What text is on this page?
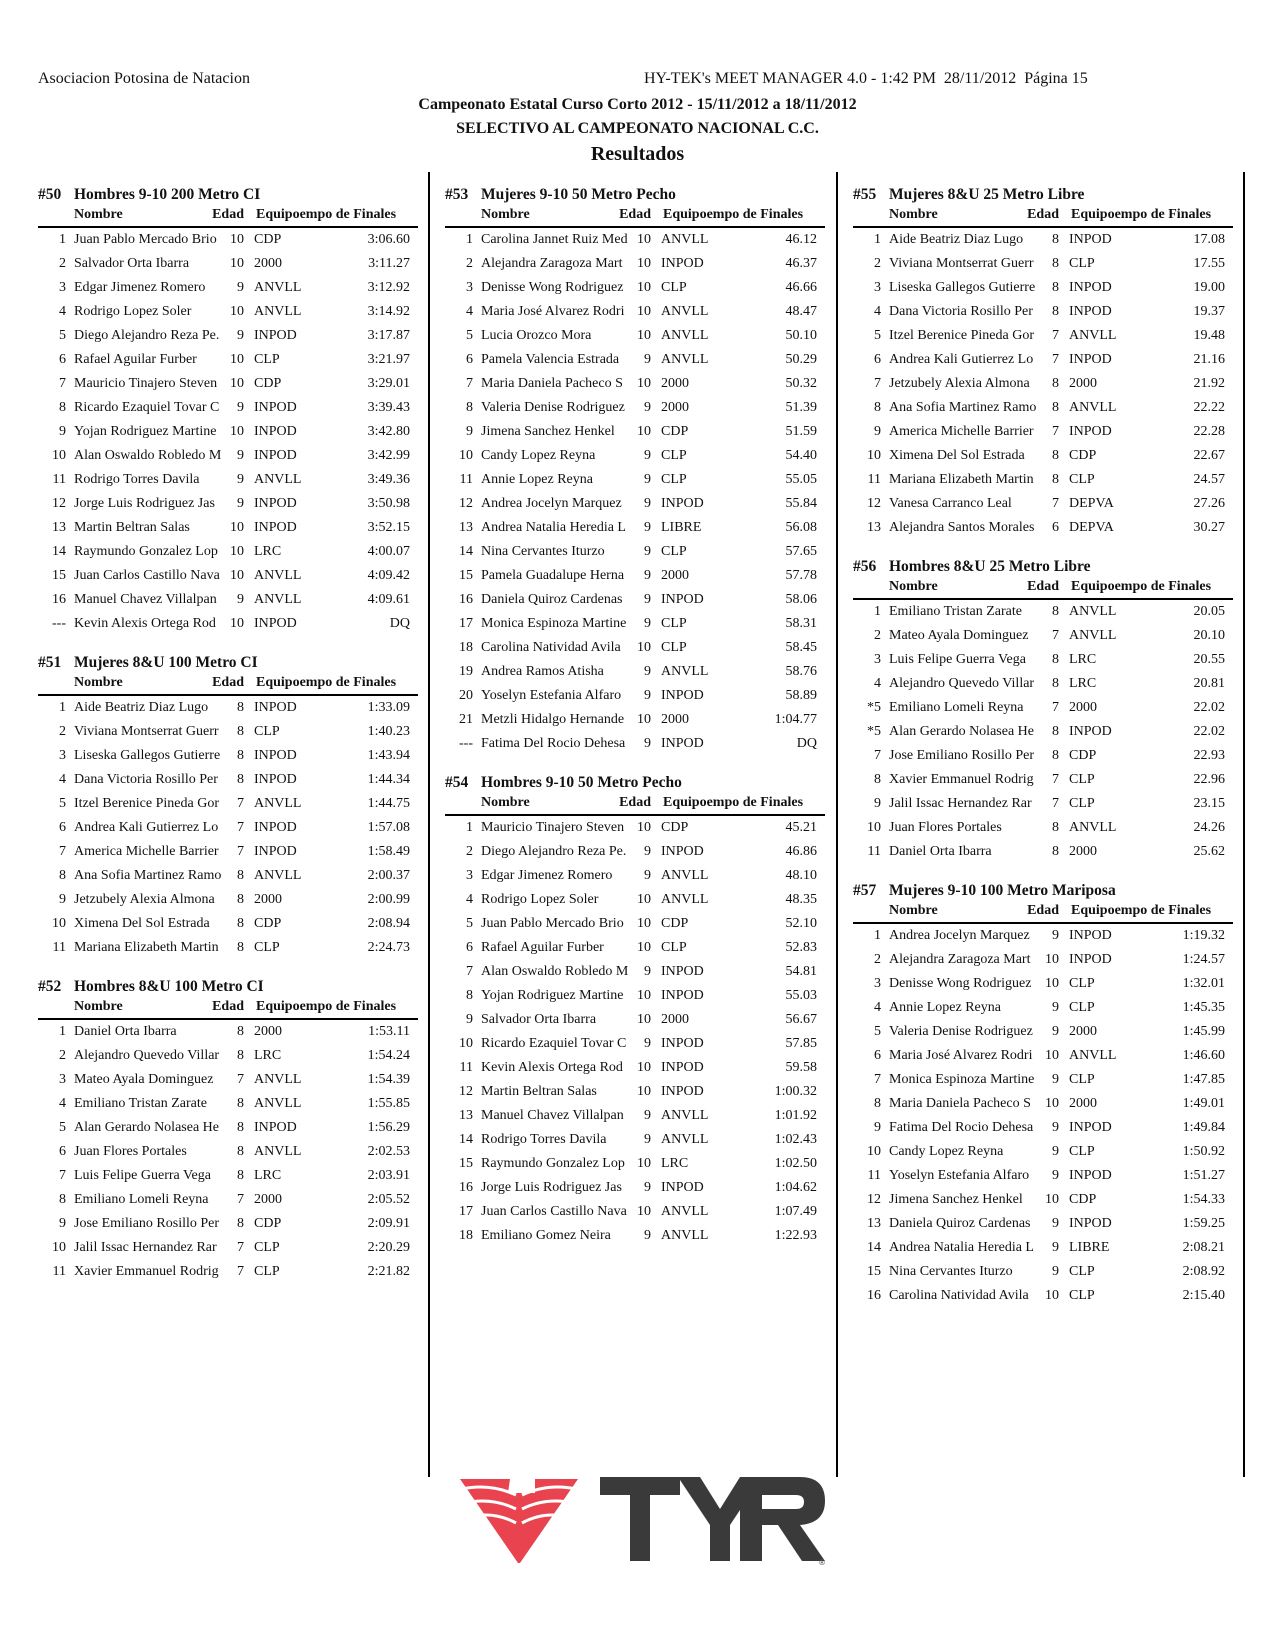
Asociacion Potosina de Natacion	HY-TEK's MEET MANAGER 4.0 - 1:42 PM  28/11/2012  Página 15
Campeonato Estatal Curso Corto 2012 - 15/11/2012 a 18/11/2012
SELECTIVO AL CAMPEONATO NACIONAL C.C.
Resultados
#50 Hombres 9-10 200 Metro CI
Nombre	Edad Equipoempo de Finales
1 Juan Pablo Mercado Brio 10 CDP	3:06.60
2 Salvador Orta Ibarra	10 2000	3:11.27
3 Edgar Jimenez Romero	9 ANVLL	3:12.92
4 Rodrigo Lopez Soler	10 ANVLL	3:14.92
5 Diego Alejandro Reza Pe.	9 INPOD	3:17.87
6 Rafael Aguilar Furber	10 CLP	3:21.97
7 Mauricio Tinajero Steven 10 CDP	3:29.01
8 Ricardo Ezaquiel Tovar C	9 INPOD	3:39.43
9 Yojan Rodriguez Martine 10 INPOD	3:42.80
10 Alan Oswaldo Robledo M	9 INPOD	3:42.99
11 Rodrigo Torres Davila	9 ANVLL	3:49.36
12 Jorge Luis Rodriguez Jas	9 INPOD	3:50.98
13 Martin Beltran Salas	10 INPOD	3:52.15
14 Raymundo Gonzalez Lop 10 LRC	4:00.07
15 Juan Carlos Castillo Nava 10 ANVLL	4:09.42
16 Manuel Chavez Villalpan	9 ANVLL	4:09.61
--- Kevin Alexis Ortega Rod	10 INPOD	DQ
#51 Mujeres 8&U 100 Metro CI
Nombre	Edad Equipoempo de Finales
1 Aide Beatriz Diaz Lugo	8 INPOD	1:33.09
2 Viviana Montserrat Guerr	8 CLP	1:40.23
3 Liseska Gallegos Gutierre	8 INPOD	1:43.94
4 Dana Victoria Rosillo Per	8 INPOD	1:44.34
5 Itzel Berenice Pineda Gor	7 ANVLL	1:44.75
6 Andrea Kali Gutierrez Lo	7 INPOD	1:57.08
7 America Michelle Barrier	7 INPOD	1:58.49
8 Ana Sofia Martinez Ramo	8 ANVLL	2:00.37
9 Jetzubely Alexia Almona	8 2000	2:00.99
10 Ximena Del Sol Estrada	8 CDP	2:08.94
11 Mariana Elizabeth Martin	8 CLP	2:24.73
#52 Hombres 8&U 100 Metro CI
Nombre	Edad Equipoempo de Finales
1 Daniel Orta Ibarra	8 2000	1:53.11
2 Alejandro Quevedo Villar	8 LRC	1:54.24
3 Mateo Ayala Dominguez	7 ANVLL	1:54.39
4 Emiliano Tristan Zarate	8 ANVLL	1:55.85
5 Alan Gerardo Nolasea He	8 INPOD	1:56.29
6 Juan Flores Portales	8 ANVLL	2:02.53
7 Luis Felipe Guerra Vega	8 LRC	2:03.91
8 Emiliano Lomeli Reyna	7 2000	2:05.52
9 Jose Emiliano Rosillo Per	8 CDP	2:09.91
10 Jalil Issac Hernandez Rar	7 CLP	2:20.29
11 Xavier Emmanuel Rodrig	7 CLP	2:21.82
#53 Mujeres 9-10 50 Metro Pecho
Nombre	Edad Equipoempo de Finales
1 Carolina Jannet Ruiz Med 10 ANVLL	46.12
2 Alejandra Zaragoza Mart	10 INPOD	46.37
3 Denisse Wong Rodriguez 10 CLP	46.66
4 Maria José Alvarez Rodri 10 ANVLL	48.47
5 Lucia Orozco Mora	10 ANVLL	50.10
6 Pamela Valencia Estrada	9 ANVLL	50.29
7 Maria Daniela Pacheco S	10 2000	50.32
8 Valeria Denise Rodriguez	9 2000	51.39
9 Jimena Sanchez Henkel	10 CDP	51.59
10 Candy Lopez Reyna	9 CLP	54.40
11 Annie Lopez Reyna	9 CLP	55.05
12 Andrea Jocelyn Marquez	9 INPOD	55.84
13 Andrea Natalia Heredia L	9 LIBRE	56.08
14 Nina Cervantes Iturzo	9 CLP	57.65
15 Pamela Guadalupe Herna	9 2000	57.78
16 Daniela Quiroz Cardenas	9 INPOD	58.06
17 Monica Espinoza Martine	9 CLP	58.31
18 Carolina Natividad Avila	10 CLP	58.45
19 Andrea Ramos Atisha	9 ANVLL	58.76
20 Yoselyn Estefania Alfaro	9 INPOD	58.89
21 Metzli Hidalgo Hernande 10 2000	1:04.77
--- Fatima Del Rocio Dehesa	9 INPOD	DQ
#54 Hombres 9-10 50 Metro Pecho
Nombre	Edad Equipoempo de Finales
1 Mauricio Tinajero Steven 10 CDP	45.21
2 Diego Alejandro Reza Pe.	9 INPOD	46.86
3 Edgar Jimenez Romero	9 ANVLL	48.10
4 Rodrigo Lopez Soler	10 ANVLL	48.35
5 Juan Pablo Mercado Brio 10 CDP	52.10
6 Rafael Aguilar Furber	10 CLP	52.83
7 Alan Oswaldo Robledo M	9 INPOD	54.81
8 Yojan Rodriguez Martine 10 INPOD	55.03
9 Salvador Orta Ibarra	10 2000	56.67
10 Ricardo Ezaquiel Tovar C	9 INPOD	57.85
11 Kevin Alexis Ortega Rod	10 INPOD	59.58
12 Martin Beltran Salas	10 INPOD	1:00.32
13 Manuel Chavez Villalpan	9 ANVLL	1:01.92
14 Rodrigo Torres Davila	9 ANVLL	1:02.43
15 Raymundo Gonzalez Lop 10 LRC	1:02.50
16 Jorge Luis Rodriguez Jas	9 INPOD	1:04.62
17 Juan Carlos Castillo Nava 10 ANVLL	1:07.49
18 Emiliano Gomez Neira	9 ANVLL	1:22.93
#55 Mujeres 8&U 25 Metro Libre
Nombre	Edad Equipoempo de Finales
1 Aide Beatriz Diaz Lugo	8 INPOD	17.08
2 Viviana Montserrat Guerr	8 CLP	17.55
3 Liseska Gallegos Gutierre	8 INPOD	19.00
4 Dana Victoria Rosillo Per	8 INPOD	19.37
5 Itzel Berenice Pineda Gor	7 ANVLL	19.48
6 Andrea Kali Gutierrez Lo	7 INPOD	21.16
7 Jetzubely Alexia Almona	8 2000	21.92
8 Ana Sofia Martinez Ramo	8 ANVLL	22.22
9 America Michelle Barrier	7 INPOD	22.28
10 Ximena Del Sol Estrada	8 CDP	22.67
11 Mariana Elizabeth Martin	8 CLP	24.57
12 Vanesa Carranco Leal	7 DEPVA	27.26
13 Alejandra Santos Morales	6 DEPVA	30.27
#56 Hombres 8&U 25 Metro Libre
Nombre	Edad Equipoempo de Finales
1 Emiliano Tristan Zarate	8 ANVLL	20.05
2 Mateo Ayala Dominguez	7 ANVLL	20.10
3 Luis Felipe Guerra Vega	8 LRC	20.55
4 Alejandro Quevedo Villar	8 LRC	20.81
*5 Emiliano Lomeli Reyna	7 2000	22.02
*5 Alan Gerardo Nolasea He	8 INPOD	22.02
7 Jose Emiliano Rosillo Per	8 CDP	22.93
8 Xavier Emmanuel Rodrig	7 CLP	22.96
9 Jalil Issac Hernandez Rar	7 CLP	23.15
10 Juan Flores Portales	8 ANVLL	24.26
11 Daniel Orta Ibarra	8 2000	25.62
#57 Mujeres 9-10 100 Metro Mariposa
Nombre	Edad Equipoempo de Finales
1 Andrea Jocelyn Marquez	9 INPOD	1:19.32
2 Alejandra Zaragoza Mart	10 INPOD	1:24.57
3 Denisse Wong Rodriguez 10 CLP	1:32.01
4 Annie Lopez Reyna	9 CLP	1:45.35
5 Valeria Denise Rodriguez	9 2000	1:45.99
6 Maria José Alvarez Rodri 10 ANVLL	1:46.60
7 Monica Espinoza Martine	9 CLP	1:47.85
8 Maria Daniela Pacheco S	10 2000	1:49.01
9 Fatima Del Rocio Dehesa	9 INPOD	1:49.84
10 Candy Lopez Reyna	9 CLP	1:50.92
11 Yoselyn Estefania Alfaro	9 INPOD	1:51.27
12 Jimena Sanchez Henkel	10 CDP	1:54.33
13 Daniela Quiroz Cardenas	9 INPOD	1:59.25
14 Andrea Natalia Heredia L	9 LIBRE	2:08.21
15 Nina Cervantes Iturzo	9 CLP	2:08.92
16 Carolina Natividad Avila	10 CLP	2:15.40
®
